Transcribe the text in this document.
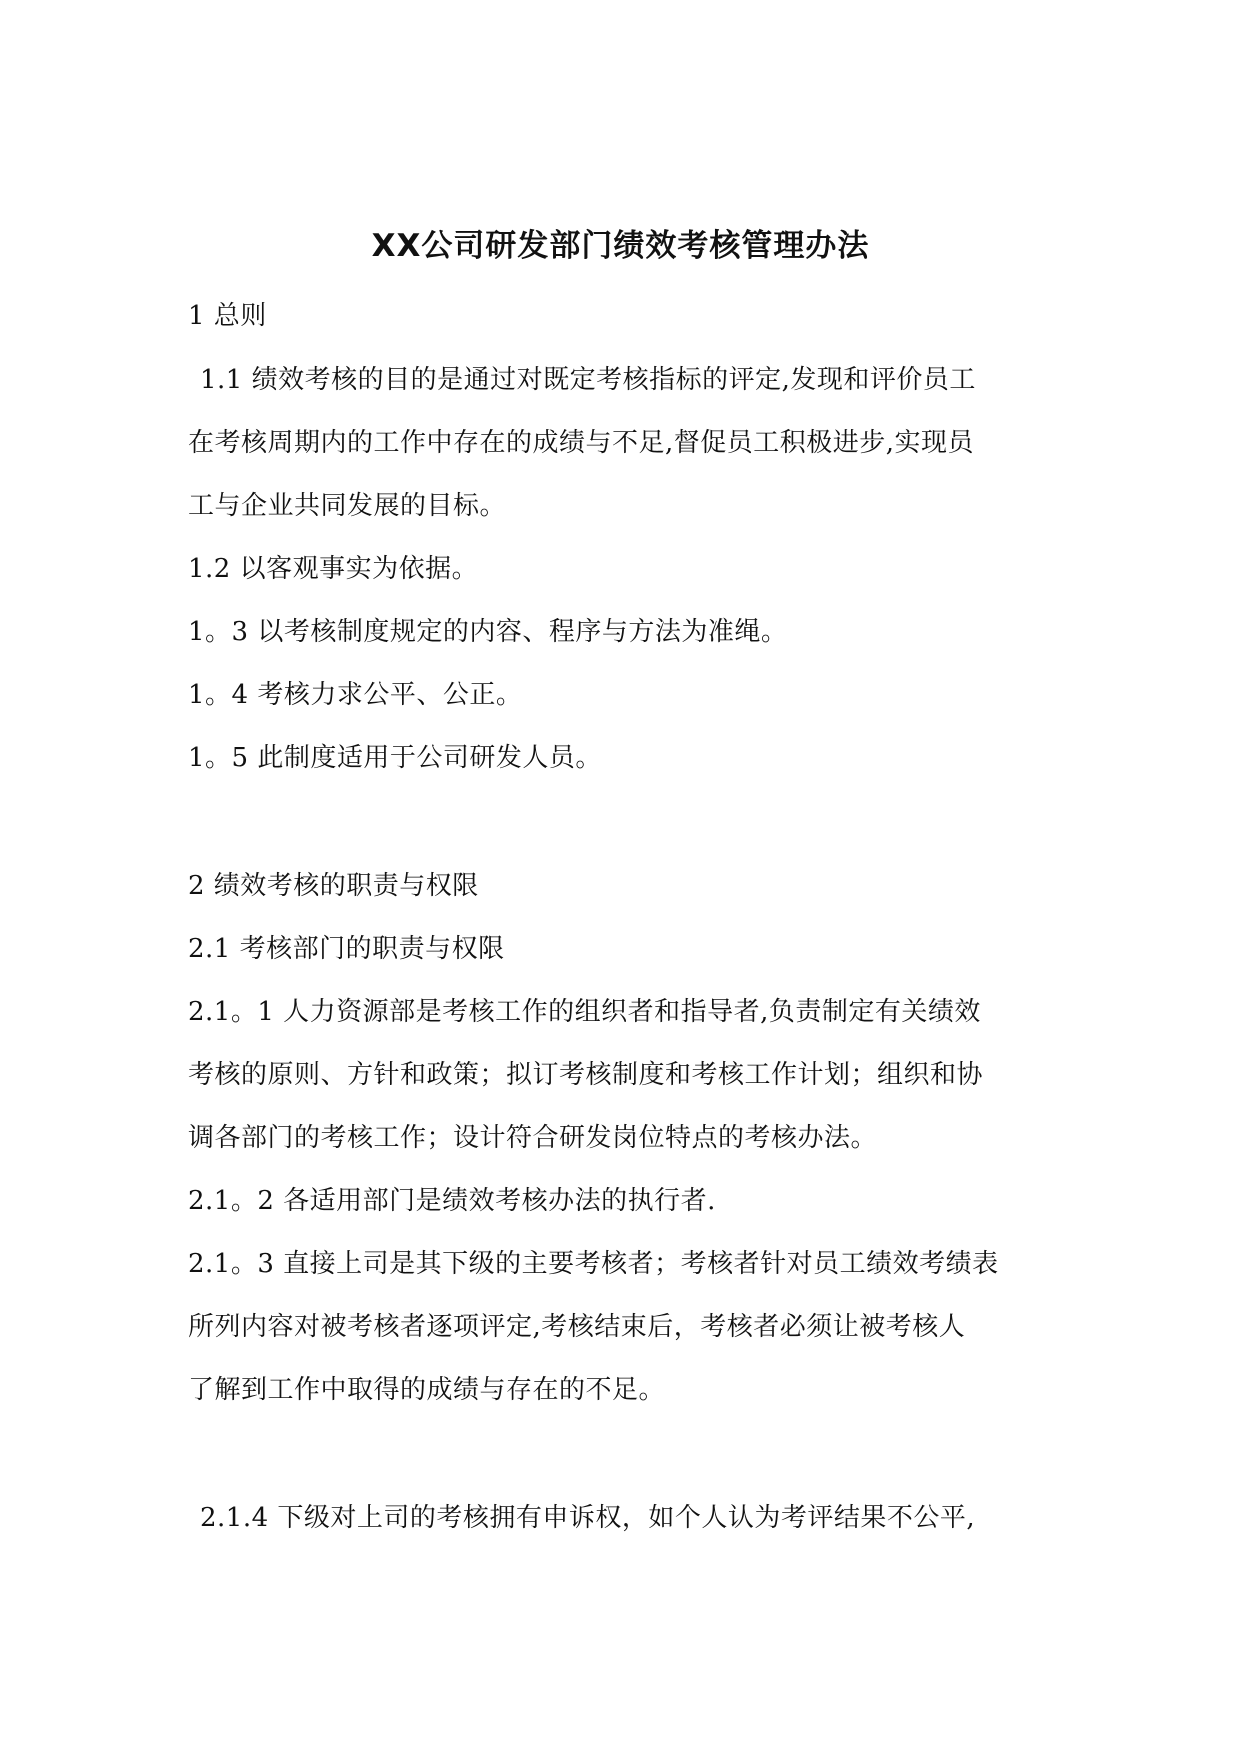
XX公司研发部门绩效考核管理办法
1 总则
1.1 绩效考核的目的是通过对既定考核指标的评定,发现和评价员工
在考核周期内的工作中存在的成绩与不足,督促员工积极进步,实现员
工与企业共同发展的目标。
1.2 以客观事实为依据。
1。3 以考核制度规定的内容、程序与方法为准绳。
1。4 考核力求公平、公正。
1。5 此制度适用于公司研发人员。
2 绩效考核的职责与权限
2.1 考核部门的职责与权限
2.1。1 人力资源部是考核工作的组织者和指导者,负责制定有关绩效
考核的原则、方针和政策；拟订考核制度和考核工作计划；组织和协
调各部门的考核工作；设计符合研发岗位特点的考核办法。
2.1。2 各适用部门是绩效考核办法的执行者.
2.1。3 直接上司是其下级的主要考核者；考核者针对员工绩效考绩表
所列内容对被考核者逐项评定,考核结束后，考核者必须让被考核人
了解到工作中取得的成绩与存在的不足。
2.1.4 下级对上司的考核拥有申诉权，如个人认为考评结果不公平,
